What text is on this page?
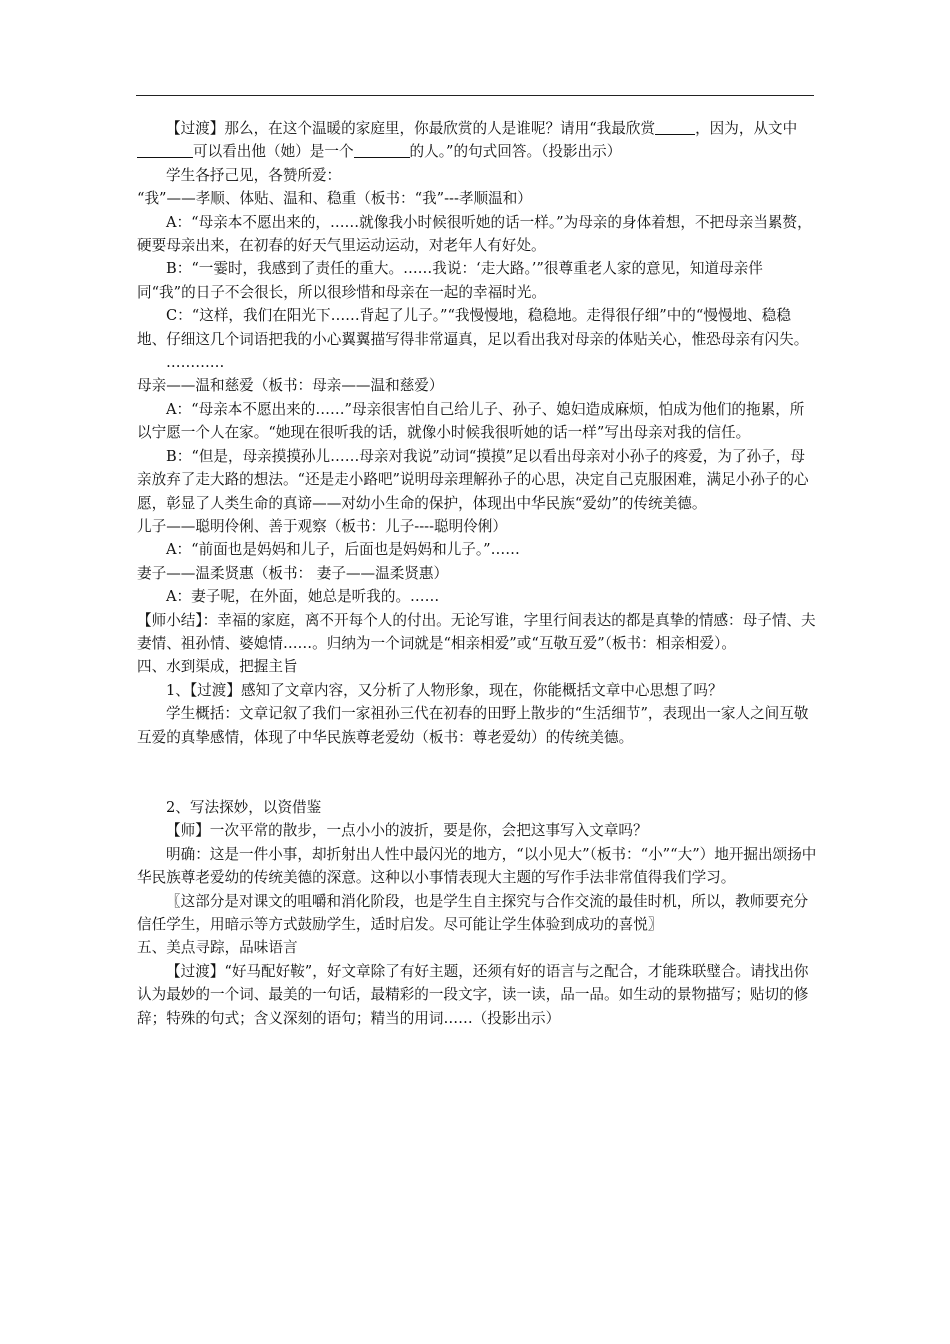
【过渡】那么，在这个温暖的家庭里，你最欣赏的人是谁呢？请用“我最欣赏	，因为，从文中可以看出他（她）是一个	的人。”的句式回答。（投影出示）

学生各抒己见，各赞所爱：

“我”——孝顺、体贴、温和、稳重（板书：“我”---孝顺温和）

A：“母亲本不愿出来的，……就像我小时候很听她的话一样。”为母亲的身体着想，不把母亲当累赘，硬要母亲出来，在初春的好天气里运动运动，对老年人有好处。

B：“一霎时，我感到了责任的重大。……我说：‘走大路。’”很尊重老人家的意见，知道母亲伴同“我”的日子不会很长，所以很珍惜和母亲在一起的幸福时光。

C：“这样，我们在阳光下……背起了儿子。”“我慢慢地，稳稳地。走得很仔细”中的“慢慢地、稳稳地、仔细这几个词语把我的小心翼翼描写得非常逼真，足以看出我对母亲的体贴关心，惟恐母亲有闪失。

…………

母亲——温和慈爱（板书：母亲——温和慈爱）

A：“母亲本不愿出来的……”母亲很害怕自己给儿子、孙子、媳妇造成麻烦，怕成为他们的拖累，所以宁愿一个人在家。“她现在很听我的话，就像小时候我很听她的话一样”写出母亲对我的信任。

B：“但是，母亲摸摸孙儿……母亲对我说”动词“摸摸”足以看出母亲对小孙子的疼爱，为了孙子，母亲放弃了走大路的想法。“还是走小路吧”说明母亲理解孙子的心思，决定自己克服困难，满足小孙子的心愿，彰显了人类生命的真谛——对幼小生命的保护，体现出中华民族“爱幼”的传统美德。

儿子——聪明伶俐、善于观察（板书：儿子----聪明伶俐）

A：“前面也是妈妈和儿子，后面也是妈妈和儿子。”……

妻子——温柔贤惠（板书： 妻子——温柔贤惠）

A：妻子呢，在外面，她总是听我的。……

【师小结】：幸福的家庭，离不开每个人的付出。无论写谁，字里行间表达的都是真挚的情感：母子情、夫妻情、祖孙情、婆媳情……。归纳为一个词就是“相亲相爱”或“互敬互爱”（板书：相亲相爱）。

四、水到渠成，把握主旨

1、【过渡】感知了文章内容，又分析了人物形象，现在，你能概括文章中心思想了吗？

学生概括：文章记叙了我们一家祖孙三代在初春的田野上散步的“生活细节”，表现出一家人之间互敬互爱的真挚感情，体现了中华民族尊老爱幼（板书：尊老爱幼）的传统美德。

2、写法探妙，以资借鉴

【师】一次平常的散步，一点小小的波折，要是你，会把这事写入文章吗？

明确：这是一件小事，却折射出人性中最闪光的地方，“以小见大”（板书：“小”“大”）地开掘出颂扬中华民族尊老爱幼的传统美德的深意。这种以小事情表现大主题的写作手法非常值得我们学习。

〖这部分是对课文的咀嚼和消化阶段，也是学生自主探究与合作交流的最佳时机，所以，教师要充分信任学生，用暗示等方式鼓励学生，适时启发。尽可能让学生体验到成功的喜悦〗

五、美点寻踪，品味语言

【过渡】“好马配好鞍”，好文章除了有好主题，还须有好的语言与之配合，才能珠联璧合。请找出你认为最妙的一个词、最美的一句话，最精彩的一段文字，读一读，品一品。如生动的景物描写；贴切的修辞；特殊的句式；含义深刻的语句；精当的用词……（投影出示）
